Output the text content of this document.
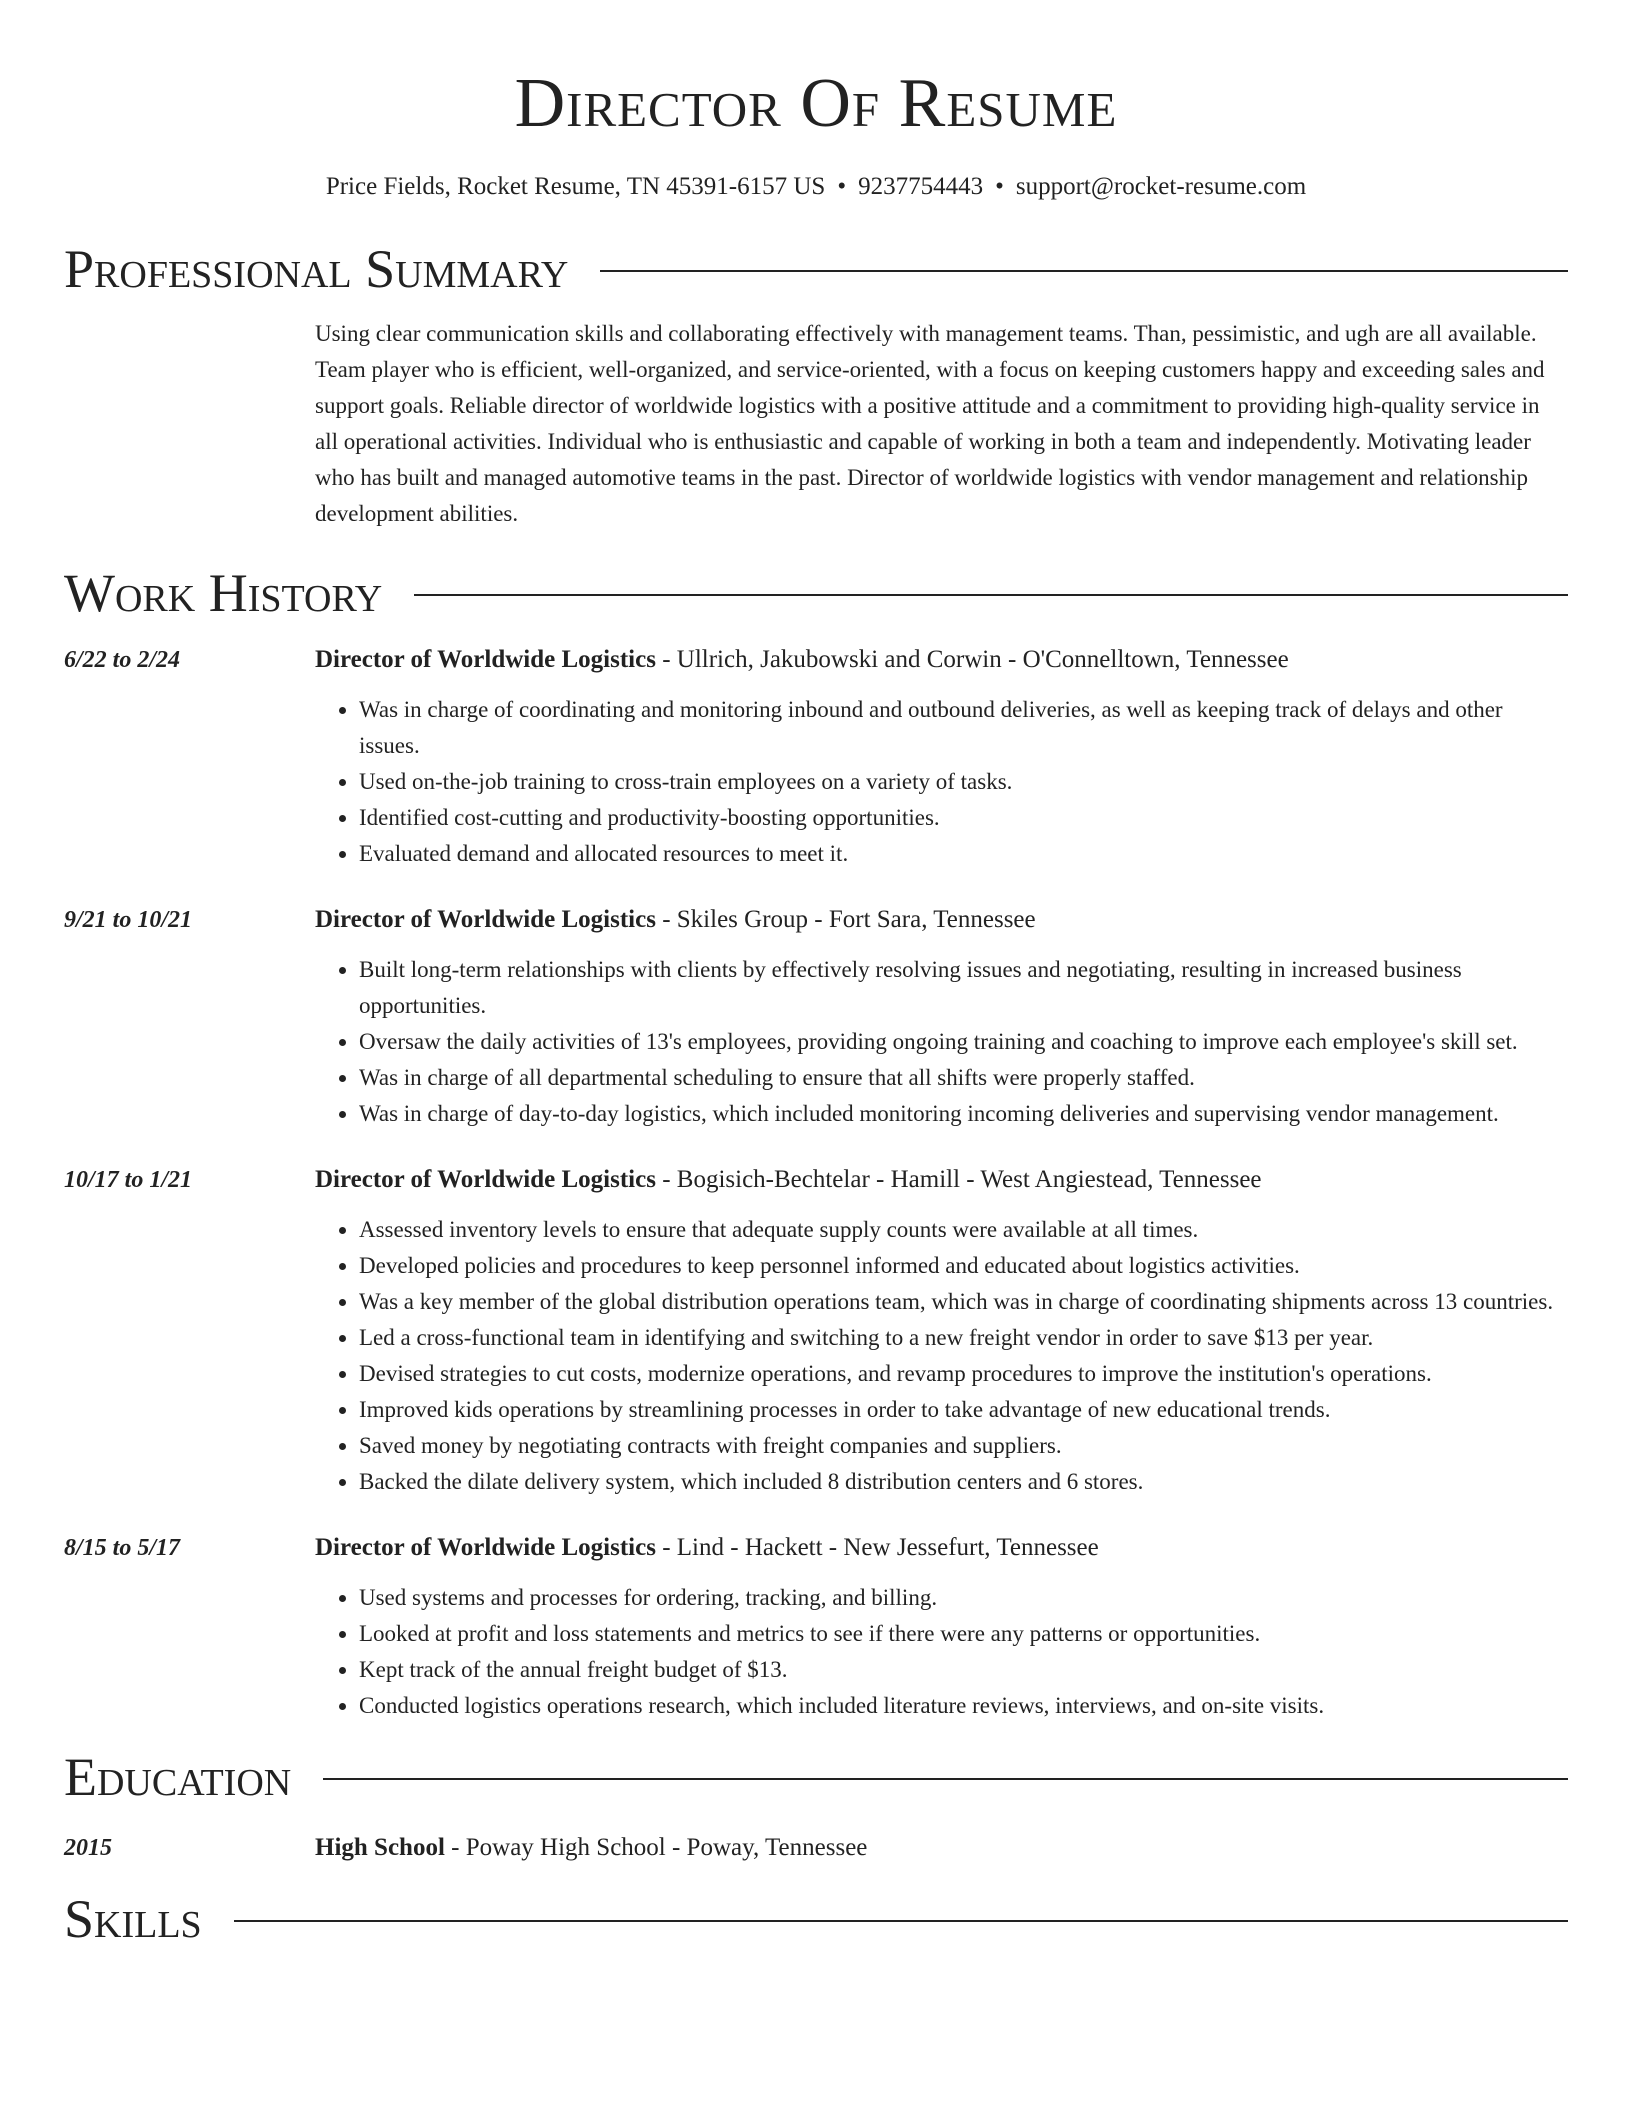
Director Of Resume
Price Fields, Rocket Resume, TN 45391-6157 US • 9237754443 • support@rocket-resume.com
Professional Summary
Using clear communication skills and collaborating effectively with management teams. Than, pessimistic, and ugh are all available. Team player who is efficient, well-organized, and service-oriented, with a focus on keeping customers happy and exceeding sales and support goals. Reliable director of worldwide logistics with a positive attitude and a commitment to providing high-quality service in all operational activities. Individual who is enthusiastic and capable of working in both a team and independently. Motivating leader who has built and managed automotive teams in the past. Director of worldwide logistics with vendor management and relationship development abilities.
Work History
6/22 to 2/24	Director of Worldwide Logistics - Ullrich, Jakubowski and Corwin - O'Connelltown, Tennessee
• Was in charge of coordinating and monitoring inbound and outbound deliveries, as well as keeping track of delays and other issues.
• Used on-the-job training to cross-train employees on a variety of tasks.
• Identified cost-cutting and productivity-boosting opportunities.
• Evaluated demand and allocated resources to meet it.
9/21 to 10/21	Director of Worldwide Logistics - Skiles Group - Fort Sara, Tennessee
• Built long-term relationships with clients by effectively resolving issues and negotiating, resulting in increased business opportunities.
• Oversaw the daily activities of 13's employees, providing ongoing training and coaching to improve each employee's skill set.
• Was in charge of all departmental scheduling to ensure that all shifts were properly staffed.
• Was in charge of day-to-day logistics, which included monitoring incoming deliveries and supervising vendor management.
10/17 to 1/21	Director of Worldwide Logistics - Bogisich-Bechtelar - Hamill - West Angiestead, Tennessee
• Assessed inventory levels to ensure that adequate supply counts were available at all times.
• Developed policies and procedures to keep personnel informed and educated about logistics activities.
• Was a key member of the global distribution operations team, which was in charge of coordinating shipments across 13 countries.
• Led a cross-functional team in identifying and switching to a new freight vendor in order to save $13 per year.
• Devised strategies to cut costs, modernize operations, and revamp procedures to improve the institution's operations.
• Improved kids operations by streamlining processes in order to take advantage of new educational trends.
• Saved money by negotiating contracts with freight companies and suppliers.
• Backed the dilate delivery system, which included 8 distribution centers and 6 stores.
8/15 to 5/17	Director of Worldwide Logistics - Lind - Hackett - New Jessefurt, Tennessee
• Used systems and processes for ordering, tracking, and billing.
• Looked at profit and loss statements and metrics to see if there were any patterns or opportunities.
• Kept track of the annual freight budget of $13.
• Conducted logistics operations research, which included literature reviews, interviews, and on-site visits.
Education
2015	High School - Poway High School - Poway, Tennessee
Skills
